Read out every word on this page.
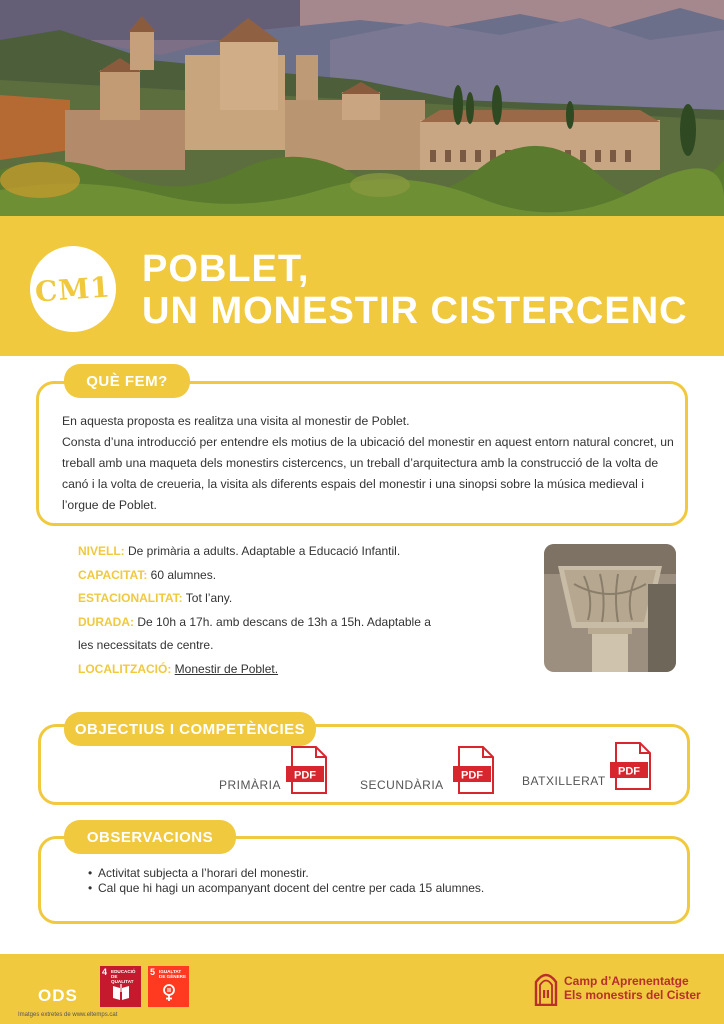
CM1 POBLET,
UN MONESTIR CISTERCENC
QUÈ FEM?

En aquesta proposta es realitza una visita al monestir de Poblet.

Consta d’una introducció per entendre els motius de la ubicació del monestir en aquest entorn natural concret, un treball amb una maqueta dels monestirs cistercencs, un treball d’arquitectura amb la construcció de la volta de canó i la volta de creueria, la visita als diferents espais del monestir i una sinopsi sobre la música medieval i l’orgue de Poblet.

NIVELL: De primària a adults. Adaptable a Educació Infantil.
CAPACITAT: 60 alumnes.
ESTACIONALITAT: Tot l’any.
DURADA: De 10h a 17h. amb descans de 13h a 15h. Adaptable a les necessitats de centre.
LOCALITZACIÓ: Monestir de Poblet.
OBJECTIUS I COMPETÈNCIES
PRIMÀRIA
PDF
SECUNDÀRIA
PDF	BATXILLERAT
PDF
OBSERVACIONS
• Activitat subjecta a l’horari del monestir.
• Cal que hi hagi un acompanyant docent del centre per cada 15 alumnes.
ODS
4 EDUCACIÓ DE QUALITAT
5 IGUALTAT DE GÈNERE
Imatges extretes de www.eltemps.cat
Camp d’Aprenentatge
Els monestirs del Cister
